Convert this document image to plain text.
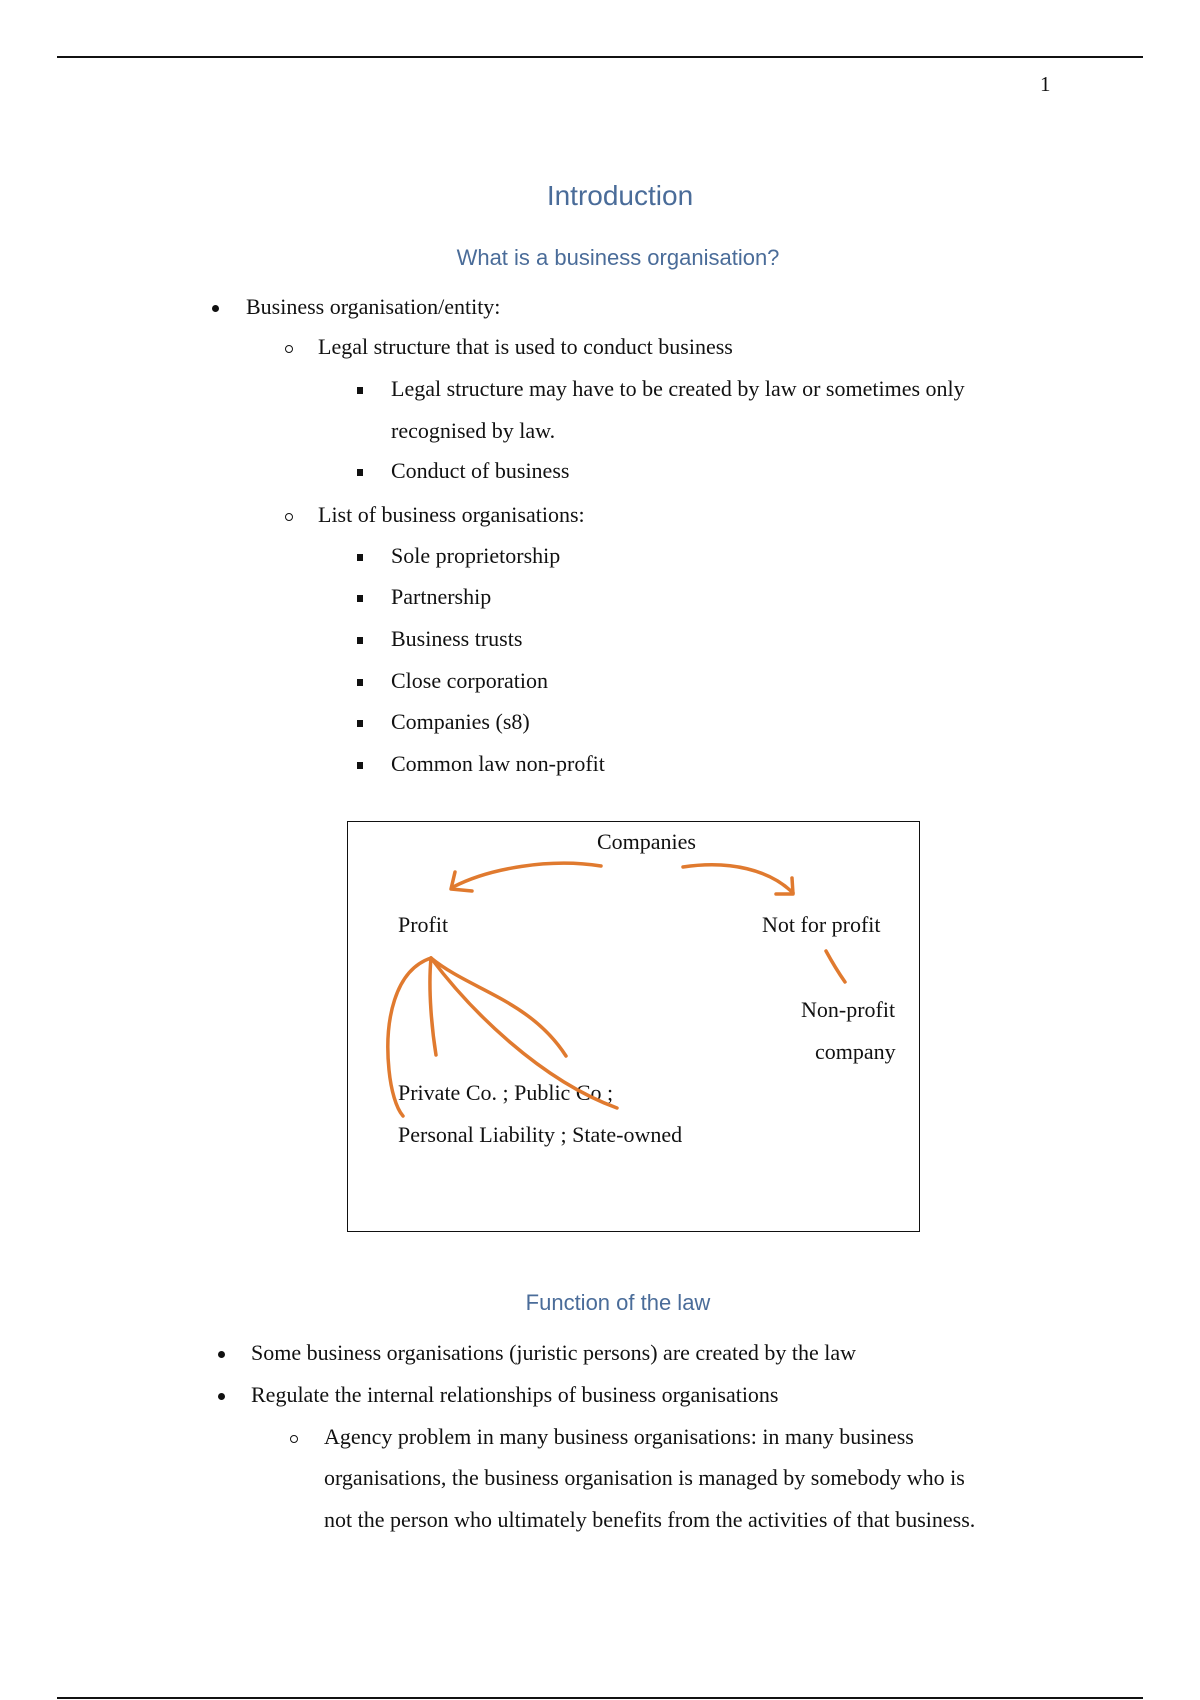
1
Introduction
What is a business organisation?
Business organisation/entity:
Legal structure that is used to conduct business
Legal structure may have to be created by law or sometimes only
recognised by law.
Conduct of business
List of business organisations:
Sole proprietorship
Partnership
Business trusts
Close corporation
Companies (s8)
Common law non-profit
Companies
Profit	Not for profit
Non-profit
company
Private Co. ; Public Co ;
Personal Liability ; State-owned
Function of the law
Some business organisations (juristic persons) are created by the law
Regulate the internal relationships of business organisations
Agency problem in many business organisations: in many business
organisations, the business organisation is managed by somebody who is
not the person who ultimately benefits from the activities of that business.
